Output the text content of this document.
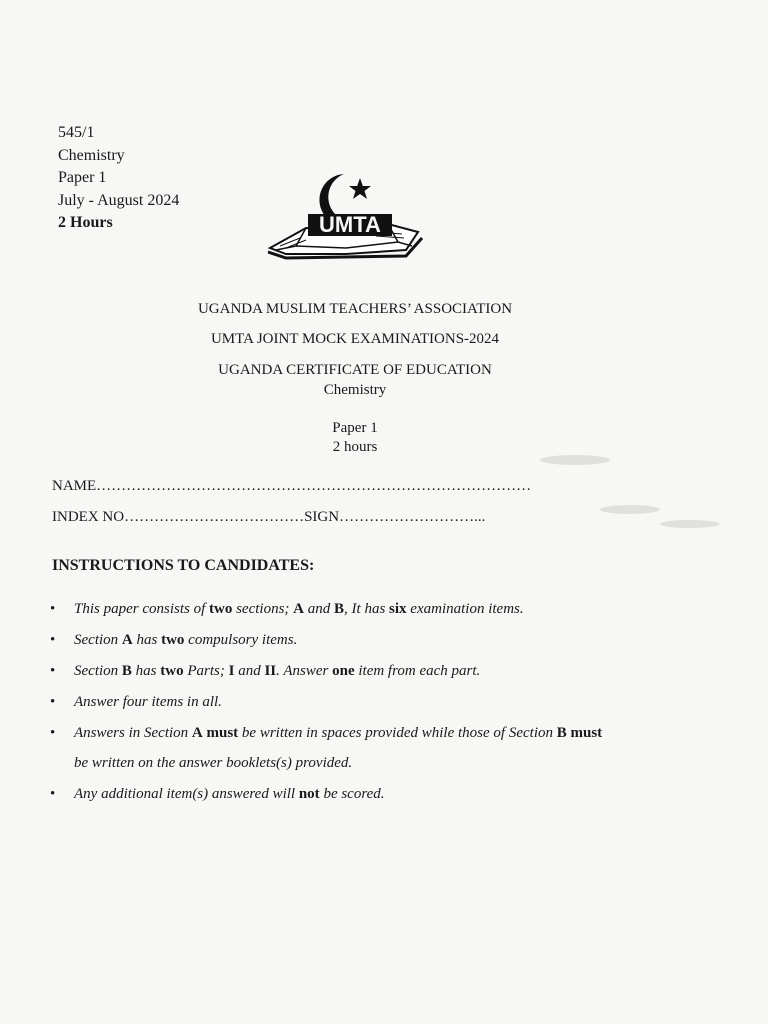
545/1
Chemistry
Paper 1
July - August 2024
2 Hours	UMTA
UGANDA MUSLIM TEACHERS’ ASSOCIATION
UMTA JOINT MOCK EXAMINATIONS-2024
UGANDA CERTIFICATE OF EDUCATION
Chemistry
Paper 1
2 hours
NAME……………………………………………………………………………
INDEX NO………………………………SIGN………………………...
INSTRUCTIONS TO CANDIDATES:
• This paper consists of two sections; A and B, It has six examination items.
• Section A has two compulsory items.
• Section B has two Parts; I and II. Answer one item from each part.
• Answer four items in all.
• Answers in Section A must be written in spaces provided while those of Section B must
be written on the answer booklets(s) provided.
• Any additional item(s) answered will not be scored.
